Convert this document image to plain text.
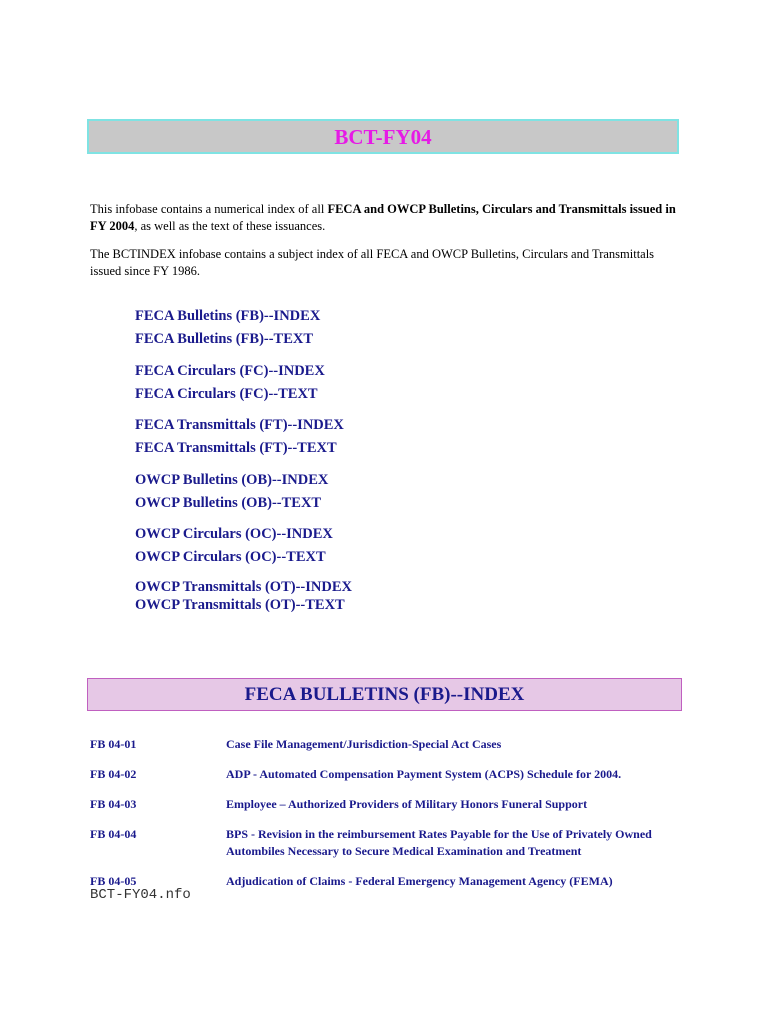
BCT-FY04
This infobase contains a numerical index of all FECA and OWCP Bulletins, Circulars and Transmittals issued in FY 2004, as well as the text of these issuances.
The BCTINDEX infobase contains a subject index of all FECA and OWCP Bulletins, Circulars and Transmittals issued since FY 1986.
FECA Bulletins (FB)--INDEX
FECA Bulletins (FB)--TEXT
FECA Circulars (FC)--INDEX
FECA Circulars (FC)--TEXT
FECA Transmittals (FT)--INDEX
FECA Transmittals (FT)--TEXT
OWCP Bulletins (OB)--INDEX
OWCP Bulletins (OB)--TEXT
OWCP Circulars (OC)--INDEX
OWCP Circulars (OC)--TEXT
OWCP Transmittals (OT)--INDEX
OWCP Transmittals (OT)--TEXT
FECA BULLETINS (FB)--INDEX
FB 04-01	Case File Management/Jurisdiction-Special Act Cases
FB 04-02	ADP - Automated Compensation Payment System (ACPS) Schedule for 2004.
FB 04-03	Employee – Authorized Providers of Military Honors Funeral Support
FB 04-04	BPS - Revision in the reimbursement Rates Payable for the Use of Privately Owned Autombiles Necessary to Secure Medical Examination and Treatment
FB 04-05	Adjudication of Claims - Federal Emergency Management Agency (FEMA)
BCT-FY04.nfo
